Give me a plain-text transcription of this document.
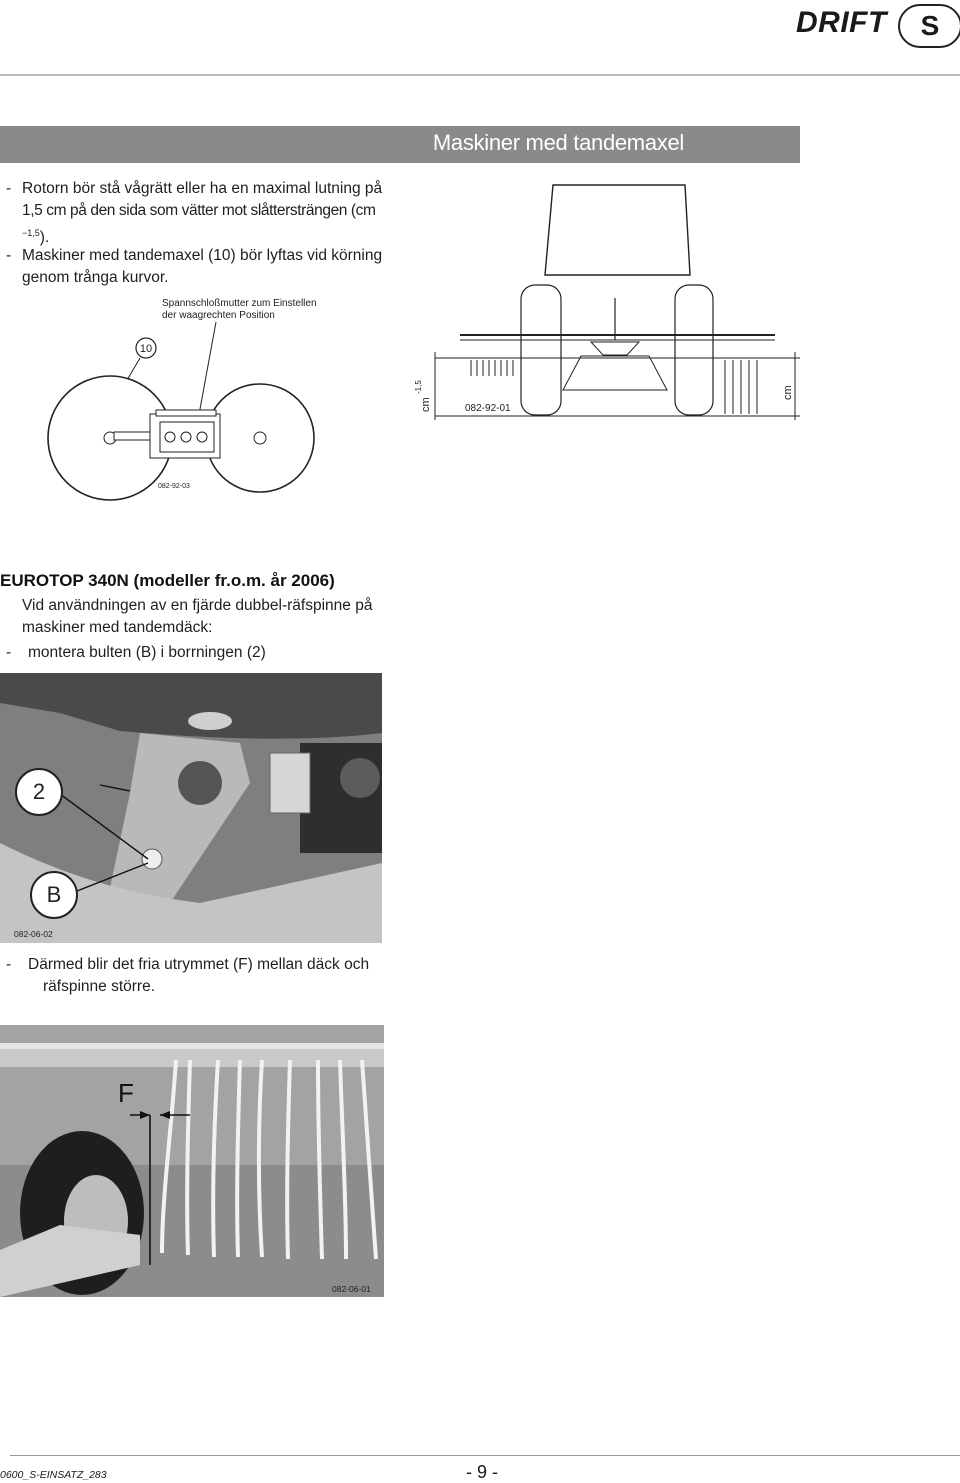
DRIFT	S
Maskiner med tandemaxel
- Rotorn bör stå vågrätt eller ha en maximal lutning på
1,5 cm på den sida som vätter mot slåttersträngen (cm
$^{-1,5}$).
- Maskiner med tandemaxel (10) bör lyftas vid körning
genom trånga kurvor.
Spannschloßmutter zum Einstellen
der waagrechten Position
10
082-92-03
082-92-01
cm
-1,5	cm
EUROTOP 340N (modeller fr.o.m. år 2006)
Vid användningen av en fjärde dubbel-räfspinne på
maskiner med tandemdäck:
- montera bulten (B) i borrningen (2)
2
B
082-06-02
- Därmed blir det fria utrymmet (F) mellan däck och
räfspinne större.
F
082-06-01
0600_S-EINSATZ_283	- 9 -
